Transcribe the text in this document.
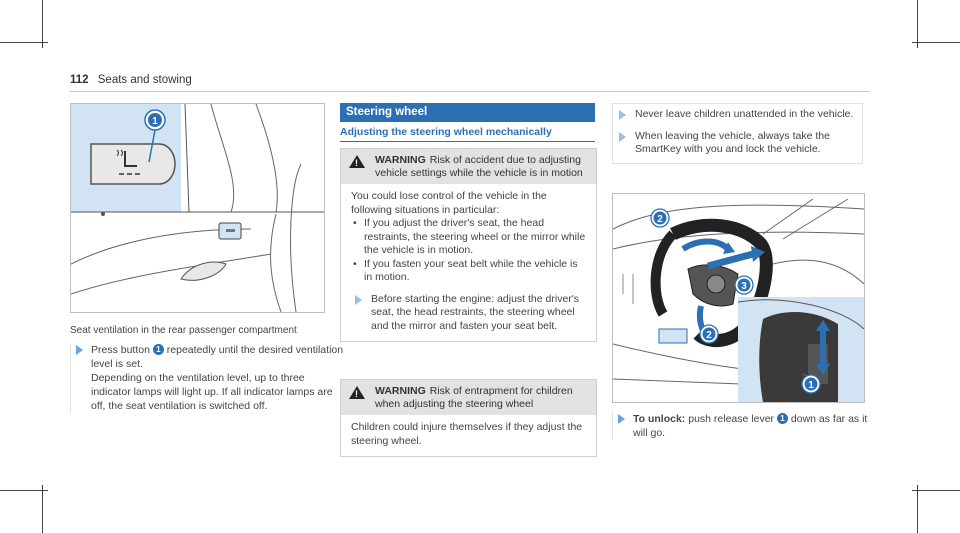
112 Seats and stowing
1
Seat ventilation in the rear passenger compartment
Press button 1 repeatedly until the desired ventilation level is set.
Depending on the ventilation level, up to three indicator lamps will light up. If all indicator lamps are off, the seat ventilation is switched off.
Steering wheel
Adjusting the steering wheel mechanically
!
WARNING Risk of accident due to adjusting vehicle settings while the vehicle is in motion
You could lose control of the vehicle in the following situations in particular:
• If you adjust the driver's seat, the head restraints, the steering wheel or the mirror while the vehicle is in motion.
• If you fasten your seat belt while the vehicle is in motion.
Before starting the engine: adjust the driver's seat, the head restraints, the steering wheel and the mirror and fasten your seat belt.
!
WARNING Risk of entrapment for children when adjusting the steering wheel
Children could injure themselves if they adjust the steering wheel.
Never leave children unattended in the vehicle.
When leaving the vehicle, always take the SmartKey with you and lock the vehicle.
2
3
2
1
To unlock: push release lever 1 down as far as it will go.
